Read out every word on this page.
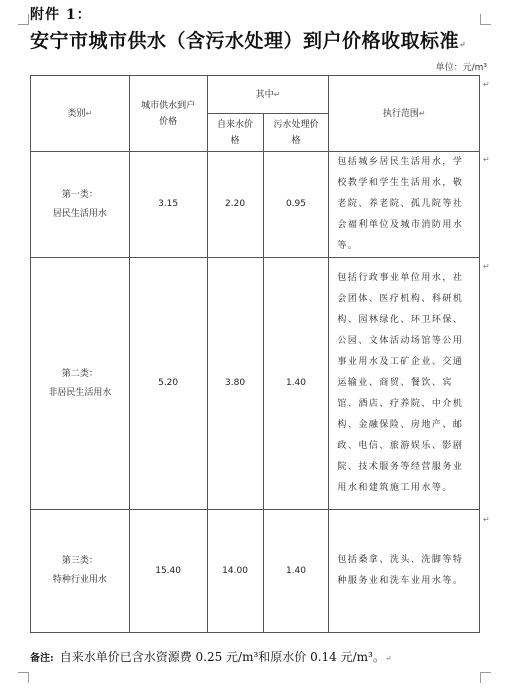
附件 1：
安宁市城市供水（含污水处理）到户价格收取标准↵
单位：元/m³
类别↵	城市供水到户价格	其中↵		执行范围↵

		自来水价格	污水处理价格	

第一类：
居民生活用水	3.15	2.20	0.95	包括城乡居民生活用水，学校教学和学生生活用水，敬老院、养老院、孤儿院等社会福利单位及城市消防用水等。

第二类：
非居民生活用水	5.20	3.80	1.40	包括行政事业单位用水，社会团体、医疗机构、科研机构、园林绿化、环卫环保、公园、文体活动场馆等公用事业用水及工矿企业、交通运输业、商贸、餐饮、宾馆、酒店、疗养院、中介机构、金融保险、房地产、邮政、电信、旅游娱乐、影剧院、技术服务等经营服务业用水和建筑施工用水等。

第三类：
特种行业用水	15.40	14.00	1.40	包括桑拿、洗头、洗脚等特种服务业和洗车业用水等。
↵
↵
↵
↵
备注: 自来水单价已含水资源费 0.25 元/m³和原水价 0.14 元/m³。↵
